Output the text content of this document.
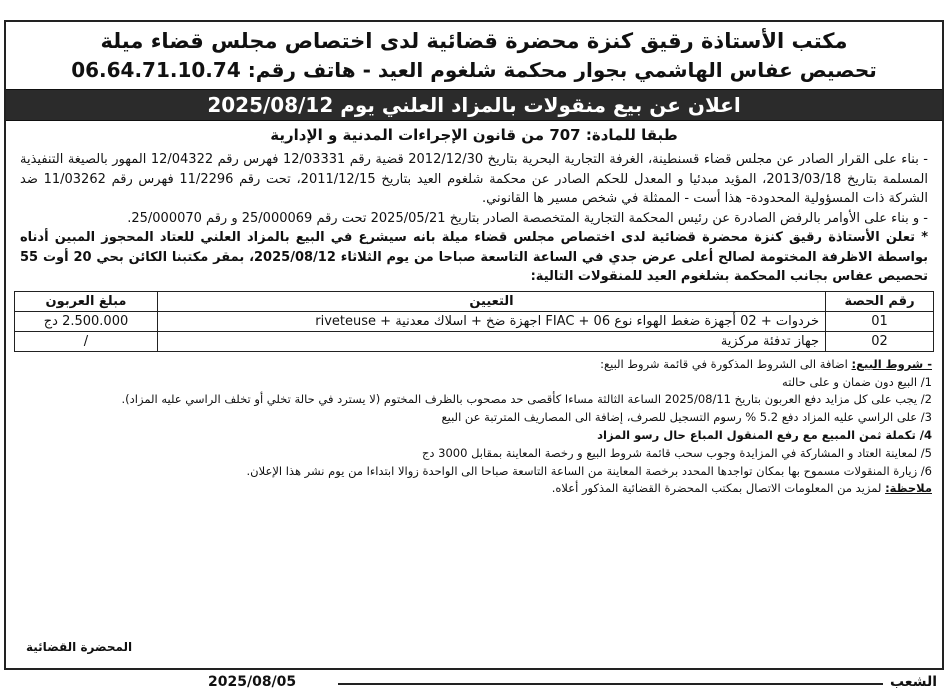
مكتب الأستاذة رقيق كنزة محضرة قضائية لدى اختصاص مجلس قضاء ميلة
تحصيص عفاس الهاشمي بجوار محكمة شلغوم العيد - هاتف رقم: 06.64.71.10.74
اعلان عن بيع منقولات بالمزاد العلني يوم 2025/08/12
طبقا للمادة: 707 من قانون الإجراءات المدنية و الإدارية

- بناء على القرار الصادر عن مجلس قضاء قسنطينة، الغرفة التجارية البحرية بتاريخ 2012/12/30 قضية رقم 12/03331 فهرس رقم 12/04322 المهور بالصيغة التنفيذية المسلمة بتاريخ 2013/03/18، المؤيد مبدئيا و المعدل للحكم الصادر عن محكمة شلغوم العيد بتاريخ 2011/12/15، تحت رقم 11/2296 فهرس رقم 11/03262 ضد الشركة ذات المسؤولية المحدودة- هذا أست - الممثلة في شخص مسير ها القانوني.

- و بناء على الأوامر بالرفض الصادرة عن رئيس المحكمة التجارية المتخصصة الصادر بتاريخ 2025/05/21 تحت رقم 25/000069 و رقم 25/000070.

* تعلن الأستاذة رقيق كنزة محضرة قضائية لدى اختصاص مجلس قضاء ميلة بانه سيشرع في البيع بالمزاد العلني للعتاد المحجوز المبين أدناه بواسطة الاظرفة المختومة لصالح أعلى عرض جدي في الساعة التاسعة صباحا من يوم الثلاثاء 2025/08/12، بمقر مكتبنا الكائن بحي 20 أوت 55 تحصيص عفاس بجانب المحكمة بشلغوم العيد للمنقولات التالية:

رقم الحصة	التعيين	مبلغ العربون
01	خردوات + 02 أجهزة ضغط الهواء نوع FIAC + 06 اجهزة ضخ + اسلاك معدنية + riveteuse	2.500.000 دج
02	جهاز تدفئة مركزية	/

- شروط البيع: اضافة الى الشروط المذكورة في قائمة شروط البيع:

1/ البيع دون ضمان و على حالته

2/ يجب على كل مزايد دفع العربون بتاريخ 2025/08/11 الساعة الثالثة مساءا كأقصى حد مصحوب بالظرف المختوم (لا يسترد في حالة تخلي أو تخلف الراسي عليه المزاد).

3/ على الراسي عليه المزاد دفع 5.2 % رسوم التسجيل للصرف، إضافة الى المصاريف المترتبة عن البيع

4/ تكملة ثمن المبيع مع رفع المنقول المباع حال رسو المزاد

5/ لمعاينة العتاد و المشاركة في المزايدة وجوب سحب قائمة شروط البيع و رخصة المعاينة بمقابل 3000 دج

6/ زيارة المنقولات مسموح بها بمكان تواجدها المحدد برخصة المعاينة من الساعة التاسعة صباحا الى الواحدة زوالا ابتداءا من يوم نشر هذا الإعلان.

ملاحظة: لمزيد من المعلومات الاتصال بمكتب المحضرة القضائية المذكور أعلاه.

المحضرة القضائية
الشعب
2025/08/05
